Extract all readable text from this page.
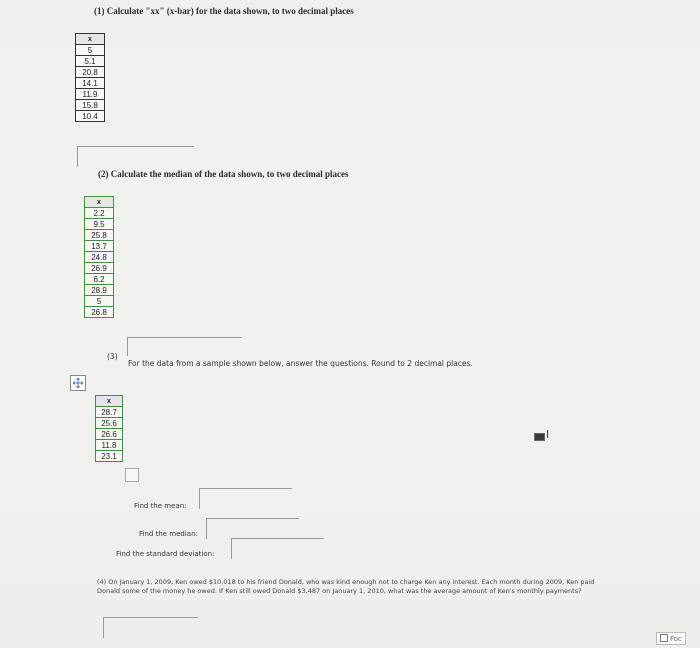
(1) Calculate "xx" (x-bar) for the data shown, to two decimal places
x
5
5.1
20.8
14.1
11.9
15.8
10.4
(2) Calculate the median of the data shown, to two decimal places
x
2.2
9.5
25.8
13.7
24.8
26.9
6.2
28.9
5
26.8
(3)
For the data from a sample shown below, answer the questions. Round to 2 decimal places.
x
28.7
25.6
26.6
11.8
23.1
I
Find the mean:
Find the median:
Find the standard deviation:
(4) On January 1, 2009, Ken owed $10,018 to his friend Donald, who was kind enough not to charge Ken any interest. Each month during 2009, Ken paid Donald some of the money he owed. If Ken still owed Donald $3,487 on January 1, 2010, what was the average amount of Ken's monthly payments?
Foc
